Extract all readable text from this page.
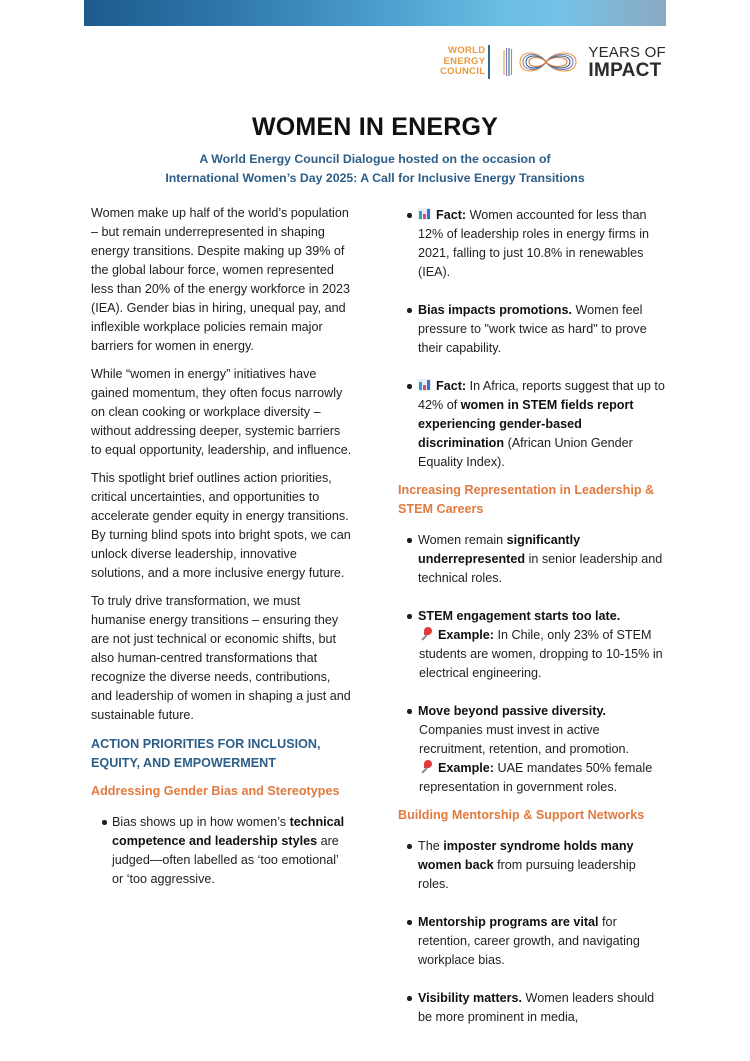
WORLD
ENERGY
COUNCIL
YEARS OF
IMPACT
WOMEN IN ENERGY
A World Energy Council Dialogue hosted on the occasion of
International Women’s Day 2025: A Call for Inclusive Energy Transitions

Women make up half of the world’s population – but remain underrepresented in shaping energy transitions. Despite making up 39% of the global labour force, women represented less than 20% of the energy workforce in 2023 (IEA). Gender bias in hiring, unequal pay, and inflexible workplace policies remain major barriers for women in energy.

While “women in energy” initiatives have gained momentum, they often focus narrowly on clean cooking or workplace diversity – without addressing deeper, systemic barriers to equal opportunity, leadership, and influence.

This spotlight brief outlines action priorities, critical uncertainties, and opportunities to accelerate gender equity in energy transitions. By turning blind spots into bright spots, we can unlock diverse leadership, innovative solutions, and a more inclusive energy future.

To truly drive transformation, we must humanise energy transitions – ensuring they are not just technical or economic shifts, but also human-centred transformations that recognize the diverse needs, contributions, and leadership of women in shaping a just and sustainable future.

ACTION PRIORITIES FOR INCLUSION, EQUITY, AND EMPOWERMENT
Addressing Gender Bias and Stereotypes
Bias shows up in how women’s technical competence and leadership styles are judged—often labelled as ‘too emotional’ or ‘too aggressive.
Fact: Women accounted for less than 12% of leadership roles in energy firms in 2021, falling to just 10.8% in renewables (IEA).
Bias impacts promotions. Women feel pressure to "work twice as hard" to prove their capability.
Fact: In Africa, reports suggest that up to 42% of women in STEM fields report experiencing gender-based discrimination (African Union Gender Equality Index).
Increasing Representation in Leadership & STEM Careers
Women remain significantly underrepresented in senior leadership and technical roles.
STEM engagement starts too late.
Example: In Chile, only 23% of STEM students are women, dropping to 10-15% in electrical engineering.
Move beyond passive diversity.
Companies must invest in active recruitment, retention, and promotion.
Example: UAE mandates 50% female representation in government roles.
Building Mentorship & Support Networks
The imposter syndrome holds many women back from pursuing leadership roles.
Mentorship programs are vital for retention, career growth, and navigating workplace bias.
Visibility matters. Women leaders should be more prominent in media,
